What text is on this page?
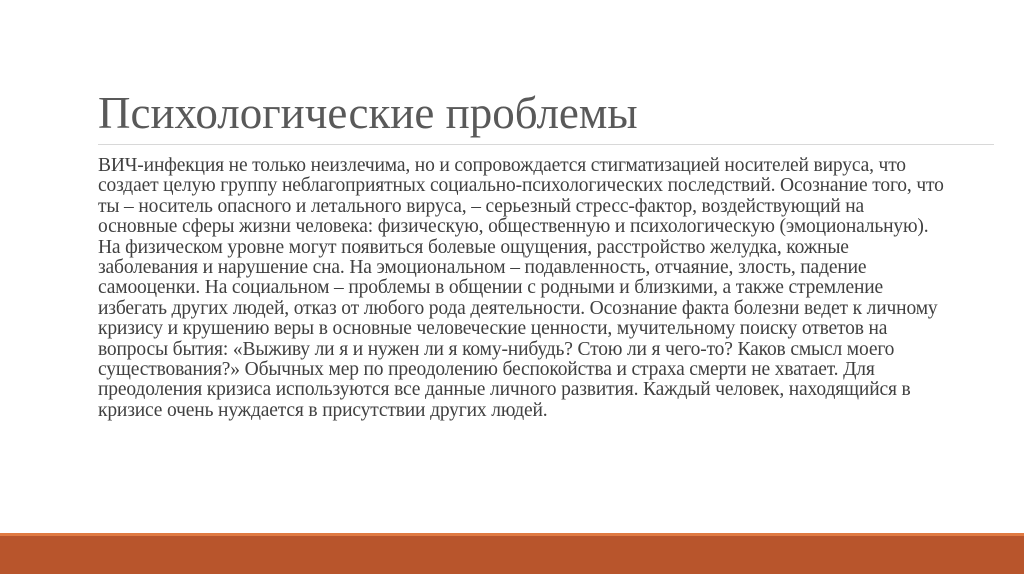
Психологические проблемы

ВИЧ-инфекция не только неизлечима, но и сопровождается стигматизацией носителей вируса, что создает целую группу неблагоприятных социально-психологических последствий. Осознание того, что ты – носитель опасного и летального вируса, – серьезный стресс-фактор, воздействующий на основные сферы жизни человека: физическую, общественную и психологическую (эмоциональную). На физическом уровне могут появиться болевые ощущения, расстройство желудка, кожные заболевания и нарушение сна. На эмоциональном – подавленность, отчаяние, злость, падение самооценки. На социальном – проблемы в общении с родными и близкими, а также стремление избегать других людей, отказ от любого рода деятельности. Осознание факта болезни ведет к личному кризису и крушению веры в основные человеческие ценности, мучительному поиску ответов на вопросы бытия: «Выживу ли я и нужен ли я кому-нибудь? Стою ли я чего-то? Каков смысл моего существования?» Обычных мер по преодолению беспокойства и страха смерти не хватает. Для преодоления кризиса используются все данные личного развития. Каждый человек, находящийся в кризисе очень нуждается в присутствии других людей.
